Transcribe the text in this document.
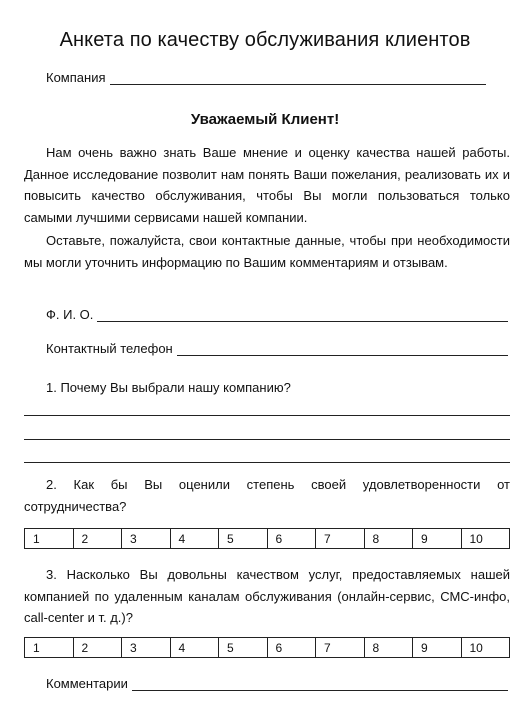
Анкета по качеству обслуживания клиентов
Компания
Уважаемый Клиент!

Нам очень важно знать Ваше мнение и оценку качества нашей работы. Данное исследование позволит нам понять Ваши пожелания, реализовать их и повысить качество обслуживания, чтобы Вы могли пользоваться только самыми лучшими сервисами нашей компании.

Оставьте, пожалуйста, свои контактные данные, чтобы при необходимости мы могли уточнить информацию по Вашим комментариям и отзывам.

Ф. И. О.
Контактный телефон

1. Почему Вы выбрали нашу компанию?

2. Как бы Вы оценили степень своей удовлетворенности от сотрудничества?

1	2	3	4	5	6	7	8	9	10

3. Насколько Вы довольны качеством услуг, предоставляемых нашей компанией по удаленным каналам обслуживания (онлайн-сервис, СМС-инфо, call-center и т. д.)?

1	2	3	4	5	6	7	8	9	10
Комментарии
